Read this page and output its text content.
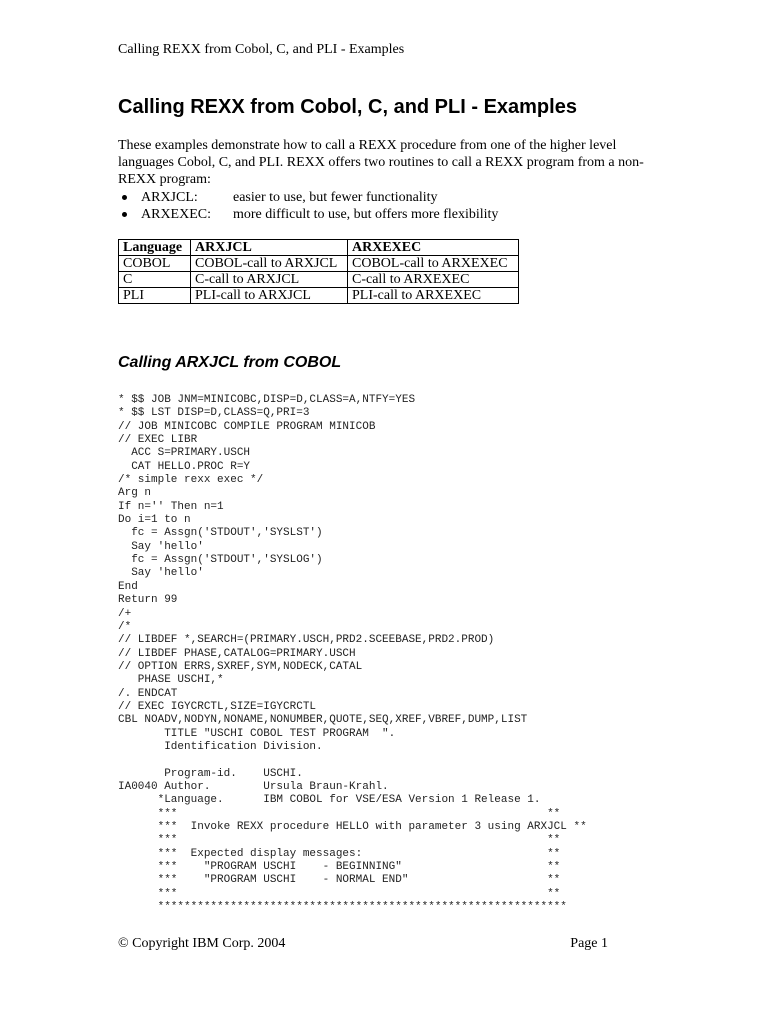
Calling REXX from Cobol, C, and PLI - Examples
Calling REXX from Cobol, C, and PLI - Examples

These examples demonstrate how to call a REXX procedure from one of the higher level languages Cobol, C, and PLI. REXX offers two routines to call a REXX program from a non-REXX program:

ARXJCL:	easier to use, but fewer functionality
ARXEXEC: more difficult to use, but offers more flexibility
Language	ARXJCL	ARXEXEC
COBOL	COBOL-call to ARXJCL	COBOL-call to ARXEXEC
C	C-call to ARXJCL	C-call to ARXEXEC
PLI	PLI-call to ARXJCL	PLI-call to ARXEXEC
Calling ARXJCL from COBOL
* $$ JOB JNM=MINICOBC,DISP=D,CLASS=A,NTFY=YES
* $$ LST DISP=D,CLASS=Q,PRI=3
// JOB MINICOBC COMPILE PROGRAM MINICOB
// EXEC LIBR
ACC S=PRIMARY.USCH
CAT HELLO.PROC R=Y
/* simple rexx exec */
Arg n
If n='' Then n=1
Do i=1 to n
fc = Assgn('STDOUT','SYSLST')
Say 'hello'
fc = Assgn('STDOUT','SYSLOG')
Say 'hello'
End
Return 99
/+
/*
// LIBDEF *,SEARCH=(PRIMARY.USCH,PRD2.SCEEBASE,PRD2.PROD)
// LIBDEF PHASE,CATALOG=PRIMARY.USCH
// OPTION ERRS,SXREF,SYM,NODECK,CATAL
PHASE USCHI,*
/. ENDCAT
// EXEC IGYCRCTL,SIZE=IGYCRCTL
CBL NOADV,NODYN,NONAME,NONUMBER,QUOTE,SEQ,XREF,VBREF,DUMP,LIST
TITLE "USCHI COBOL TEST PROGRAM  ".
Identification Division.
Program-id.    USCHI.
IA0040 Author.        Ursula Braun-Krahl.
*Language.      IBM COBOL for VSE/ESA Version 1 Release 1.
***                                                        **
***  Invoke REXX procedure HELLO with parameter 3 using ARXJCL **
***                                                        **
***  Expected display messages:                            **
***    "PROGRAM USCHI    - BEGINNING"                      **
***    "PROGRAM USCHI    - NORMAL END"                     **
***                                                        **
**************************************************************
© Copyright IBM Corp. 2004	Page 1
